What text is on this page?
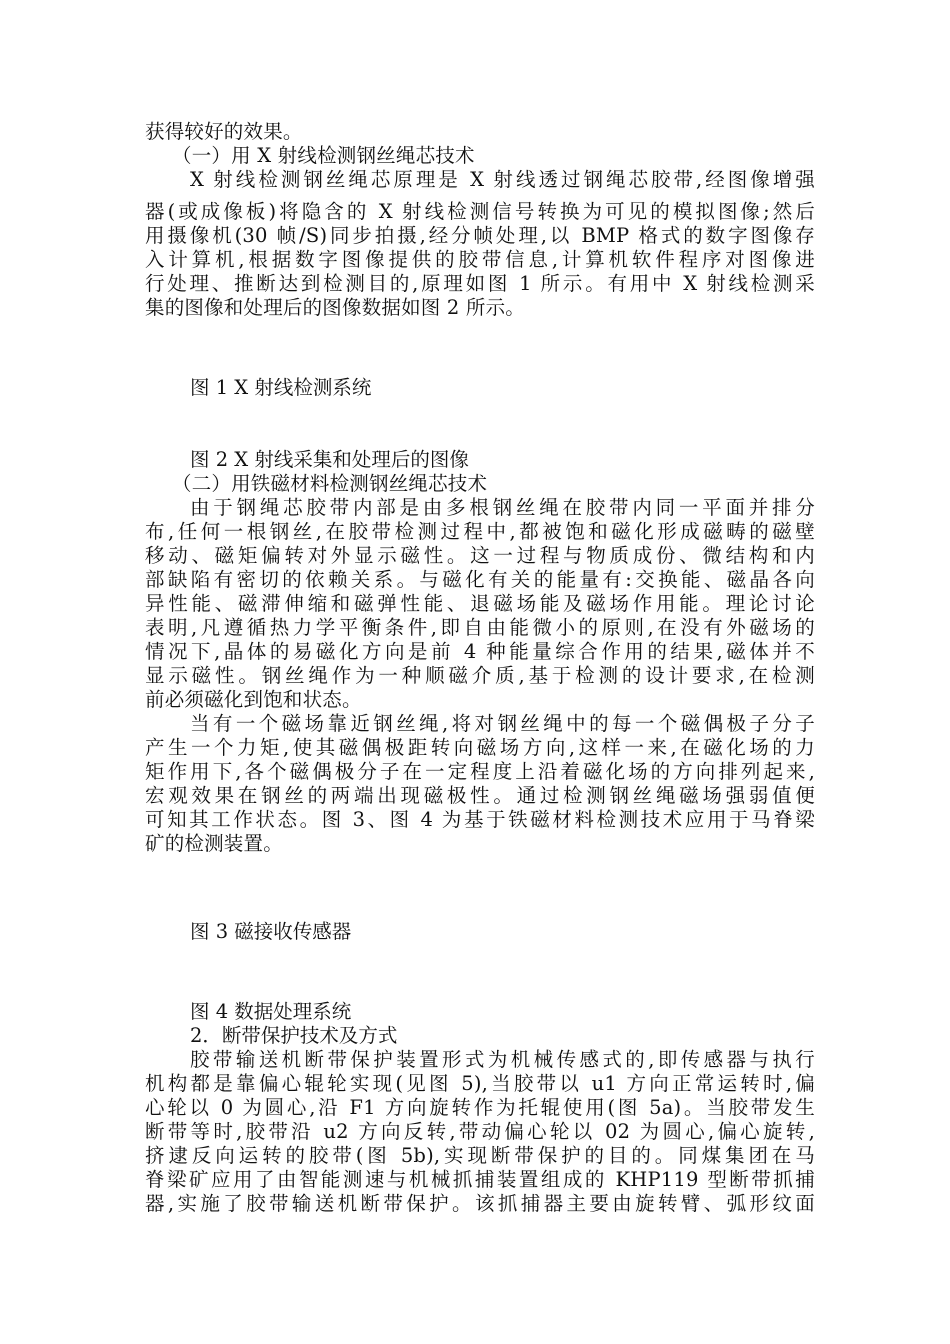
获得较好的效果。
（一）用 X 射线检测钢丝绳芯技术
X 射线检测钢丝绳芯原理是 X 射线透过钢绳芯胶带,经图像增强
器(或成像板)将隐含的 X 射线检测信号转换为可见的模拟图像;然后
用摄像机(30 帧/S)同步拍摄,经分帧处理,以 BMP 格式的数字图像存
入计算机,根据数字图像提供的胶带信息,计算机软件程序对图像进
行处理、推断达到检测目的,原理如图 1 所示。有用中 X 射线检测采
集的图像和处理后的图像数据如图 2 所示。
图 1 X 射线检测系统
图 2 X 射线采集和处理后的图像
（二）用铁磁材料检测钢丝绳芯技术
由于钢绳芯胶带内部是由多根钢丝绳在胶带内同一平面并排分
布,任何一根钢丝,在胶带检测过程中,都被饱和磁化形成磁畴的磁壁
移动、磁矩偏转对外显示磁性。这一过程与物质成份、微结构和内
部缺陷有密切的依赖关系。与磁化有关的能量有:交换能、磁晶各向
异性能、磁滞伸缩和磁弹性能、退磁场能及磁场作用能。理论讨论
表明,凡遵循热力学平衡条件,即自由能微小的原则,在没有外磁场的
情况下,晶体的易磁化方向是前 4 种能量综合作用的结果,磁体并不
显示磁性。钢丝绳作为一种顺磁介质,基于检测的设计要求,在检测
前必须磁化到饱和状态。
当有一个磁场靠近钢丝绳,将对钢丝绳中的每一个磁偶极子分子
产生一个力矩,使其磁偶极距转向磁场方向,这样一来,在磁化场的力
矩作用下,各个磁偶极分子在一定程度上沿着磁化场的方向排列起来,
宏观效果在钢丝的两端出现磁极性。通过检测钢丝绳磁场强弱值便
可知其工作状态。图 3、图 4 为基于铁磁材料检测技术应用于马脊梁
矿的检测装置。
图 3 磁接收传感器
图 4 数据处理系统
2．断带保护技术及方式
胶带输送机断带保护装置形式为机械传感式的,即传感器与执行
机构都是靠偏心辊轮实现(见图 5),当胶带以 u1 方向正常运转时,偏
心轮以 0 为圆心,沿 F1 方向旋转作为托辊使用(图 5a)。当胶带发生
断带等时,胶带沿 u2 方向反转,带动偏心轮以 02 为圆心,偏心旋转,
挤逮反向运转的胶带(图 5b),实现断带保护的目的。同煤集团在马
脊梁矿应用了由智能测速与机械抓捕装置组成的 KHP119 型断带抓捕
器,实施了胶带输送机断带保护。该抓捕器主要由旋转臂、弧形纹面
